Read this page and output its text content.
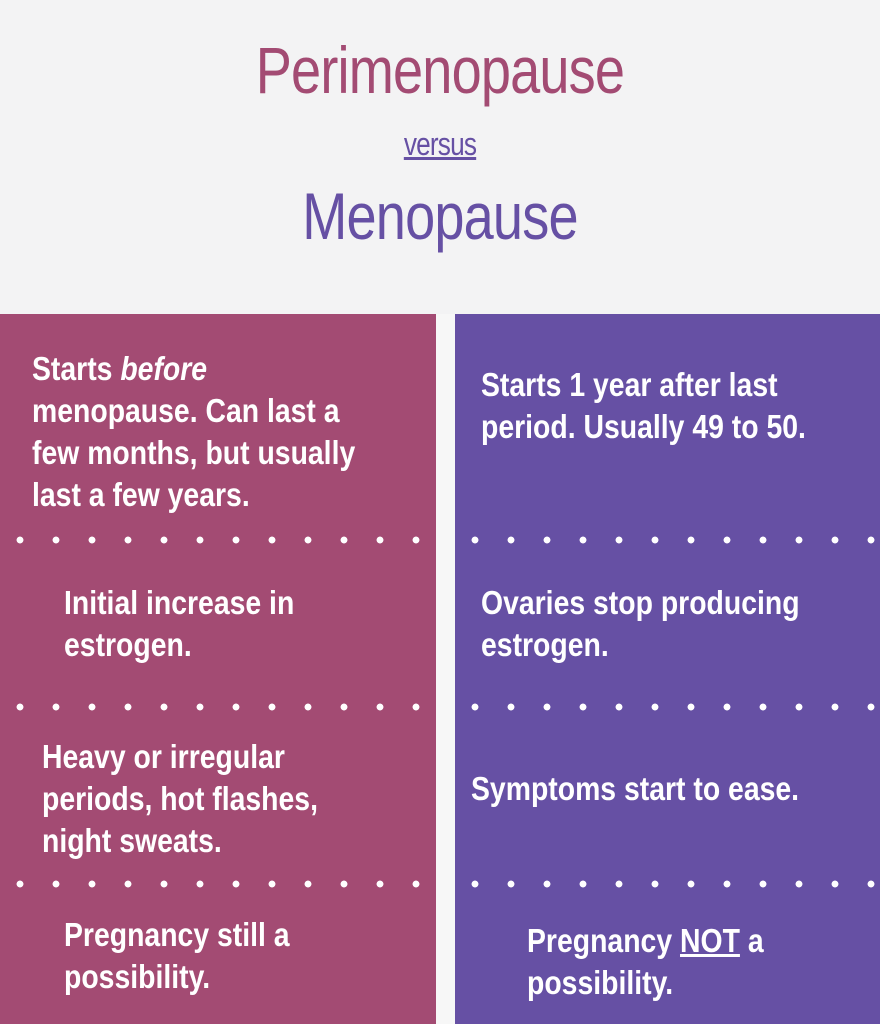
Perimenopause
versus
Menopause
Starts before
menopause. Can last a few months, but usually last a few years.
Initial increase in estrogen.
Heavy or irregular periods, hot flashes, night sweats.
Pregnancy still a possibility.
Starts 1 year after last period. Usually 49 to 50.
Ovaries stop producing estrogen.
Symptoms start to ease.
Pregnancy NOT a possibility.
